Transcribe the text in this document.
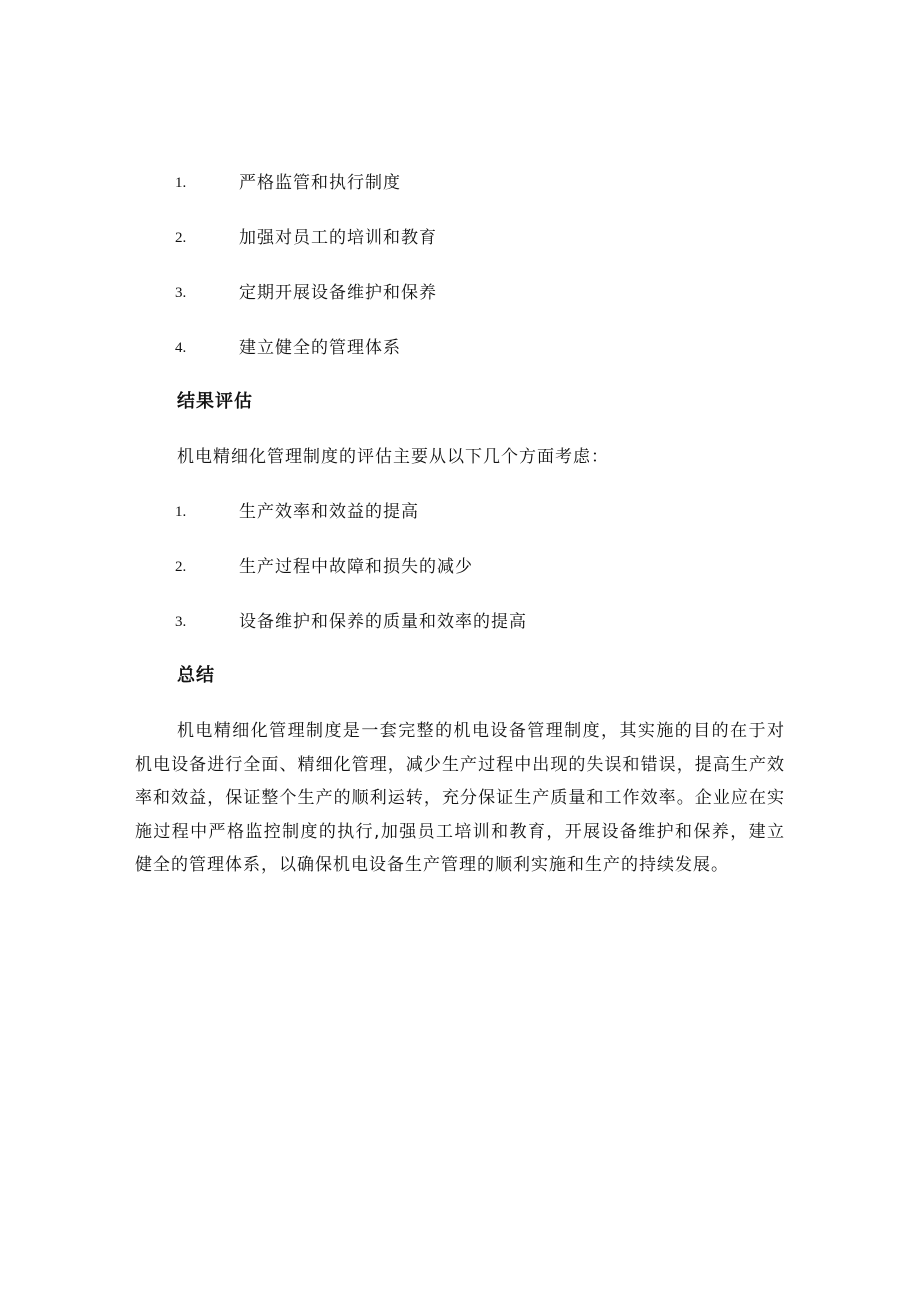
1.	严格监管和执行制度
2.	加强对员工的培训和教育
3.	定期开展设备维护和保养
4.	建立健全的管理体系
结果评估

机电精细化管理制度的评估主要从以下几个方面考虑：

1.	生产效率和效益的提高
2.	生产过程中故障和损失的减少
3.	设备维护和保养的质量和效率的提高
总结

机电精细化管理制度是一套完整的机电设备管理制度，其实施的目的在于对机电设备进行全面、精细化管理，减少生产过程中出现的失误和错误，提高生产效率和效益，保证整个生产的顺利运转，充分保证生产质量和工作效率。企业应在实施过程中严格监控制度的执行,加强员工培训和教育，开展设备维护和保养，建立健全的管理体系，以确保机电设备生产管理的顺利实施和生产的持续发展。
